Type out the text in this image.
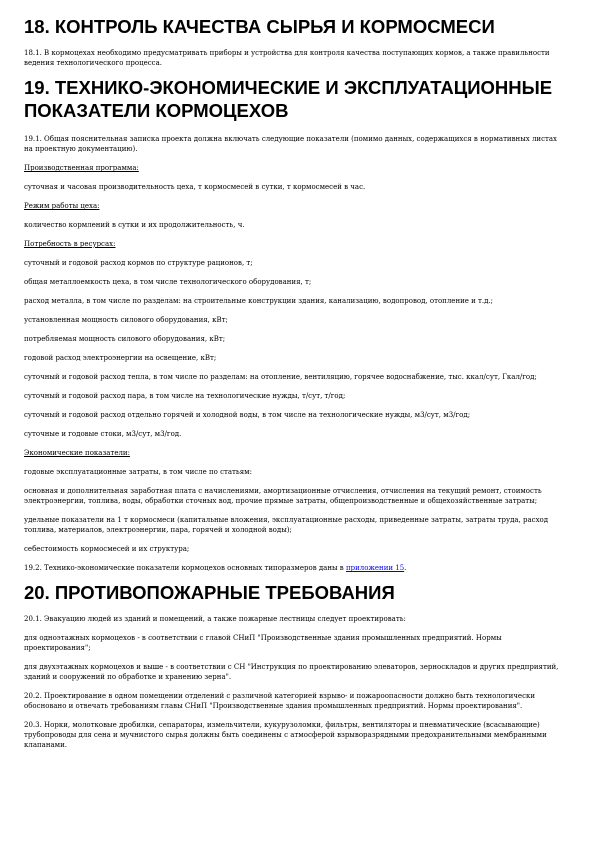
18. КОНТРОЛЬ КАЧЕСТВА СЫРЬЯ И КОРМОСМЕСИ

18.1. В кормоцехах необходимо предусматривать приборы и устройства для контроля качества поступающих кормов, а также правильности ведения технологического процесса.

19. ТЕХНИКО-ЭКОНОМИЧЕСКИЕ И ЭКСПЛУАТАЦИОННЫЕ ПОКАЗАТЕЛИ КОРМОЦЕХОВ

19.1. Общая пояснительная записка проекта должна включать следующие показатели (помимо данных, содержащихся в нормативных листах на проектную документацию).

Производственная программа:

суточная и часовая производительность цеха, т кормосмесей в сутки, т кормосмесей в час.

Режим работы цеха:

количество кормлений в сутки и их продолжительность, ч.

Потребность в ресурсах:

суточный и годовой расход кормов по структуре рационов, т;

общая металлоемкость цеха, в том числе технологического оборудования, т;

расход металла, в том числе по разделам: на строительные конструкции здания, канализацию, водопровод, отопление и т.д.;

установленная мощность силового оборудования, кВт;

потребляемая мощность силового оборудования, кВт;

годовой расход электроэнергии на освещение, кВт;

суточный и годовой расход тепла, в том числе по разделам: на отопление, вентиляцию, горячее водоснабжение, тыс. ккал/сут, Гкал/год;

суточный и годовой расход пара, в том числе на технологические нужды, т/сут, т/год;

суточный и годовой расход отдельно горячей и холодной воды, в том числе на технологические нужды, м3/сут, м3/год;

суточные и годовые стоки, м3/сут, м3/год.

Экономические показатели:

годовые эксплуатационные затраты, в том числе по статьям:

основная и дополнительная заработная плата с начислениями, амортизационные отчисления, отчисления на текущий ремонт, стоимость электроэнергии, топлива, воды, обработки сточных вод, прочие прямые затраты, общепроизводственные и общехозяйственные затраты;

удельные показатели на 1 т кормосмеси (капитальные вложения, эксплуатационные расходы, приведенные затраты, затраты труда, расход топлива, материалов, электроэнергии, пара, горячей и холодной воды);

себестоимость кормосмесей и их структура;

19.2. Технико-экономические показатели кормоцехов основных типоразмеров даны в приложении 15.

20. ПРОТИВОПОЖАРНЫЕ ТРЕБОВАНИЯ

20.1. Эвакуацию людей из зданий и помещений, а также пожарные лестницы следует проектировать:

для одноэтажных кормоцехов - в соответствии с главой СНиП "Производственные здания промышленных предприятий. Нормы проектирования";

для двухэтажных кормоцехов и выше - в соответствии с СН "Инструкция по проектированию элеваторов, зерноскладов и других предприятий, зданий и сооружений по обработке и хранению зерна".

20.2. Проектирование в одном помещении отделений с различной категорией взрыво- и пожароопасности должно быть технологически обосновано и отвечать требованиям главы СНиП "Производственные здания промышленных предприятий. Нормы проектирования".

20.3. Норки, молотковые дробилки, сепараторы, измельчители, кукурузоломки, фильтры, вентиляторы и пневматические (всасывающие) трубопроводы для сена и мучнистого сырья должны быть соединены с атмосферой взрыворазрядными предохранительными мембранными клапанами.
